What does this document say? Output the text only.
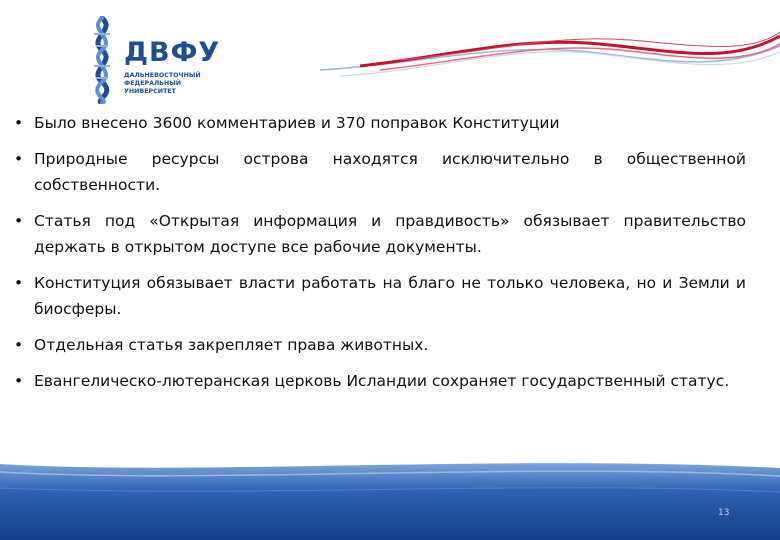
ДВФУ
ДАЛЬНЕВОСТОЧНЫЙ
ФЕДЕРАЛЬНЫЙ
УНИВЕРСИТЕТ
• Было внесено 3600 комментариев и 370 поправок Конституции
• Природные ресурсы острова находятся исключительно в общественной собственности.
• Статья под «Открытая информация и правдивость» обязывает правительство держать в открытом доступе все рабочие документы.
• Конституция обязывает власти работать на благо не только человека, но и Земли и биосферы.
• Отдельная статья закрепляет права животных.
• Евангелическо-лютеранская церковь Исландии сохраняет государственный статус.
13
